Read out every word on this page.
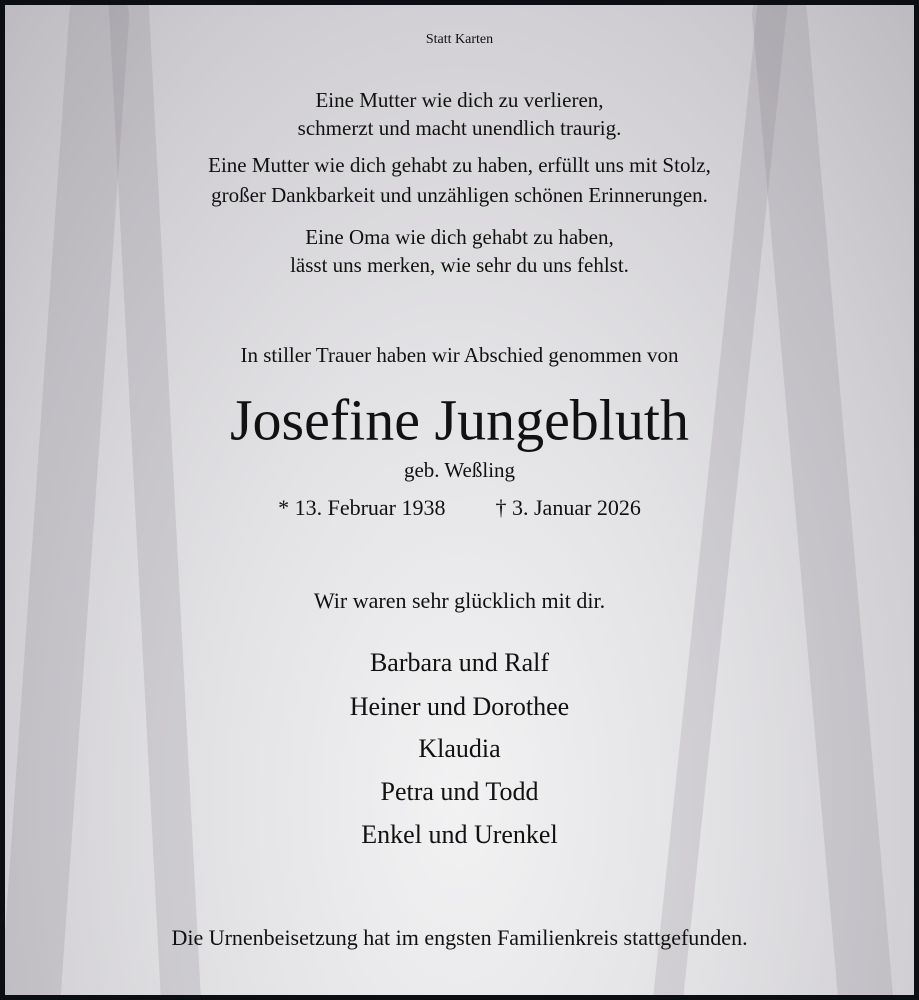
Statt Karten
Eine Mutter wie dich zu verlieren,
schmerzt und macht unendlich traurig.
Eine Mutter wie dich gehabt zu haben, erfüllt uns mit Stolz,
großer Dankbarkeit und unzähligen schönen Erinnerungen.
Eine Oma wie dich gehabt zu haben,
lässt uns merken, wie sehr du uns fehlst.
In stiller Trauer haben wir Abschied genommen von
Josefine Jungebluth
geb. Weßling
* 13. Februar 1938 † 3. Januar 2026
Wir waren sehr glücklich mit dir.
Barbara und Ralf
Heiner und Dorothee
Klaudia
Petra und Todd
Enkel und Urenkel
Die Urnenbeisetzung hat im engsten Familienkreis stattgefunden.
